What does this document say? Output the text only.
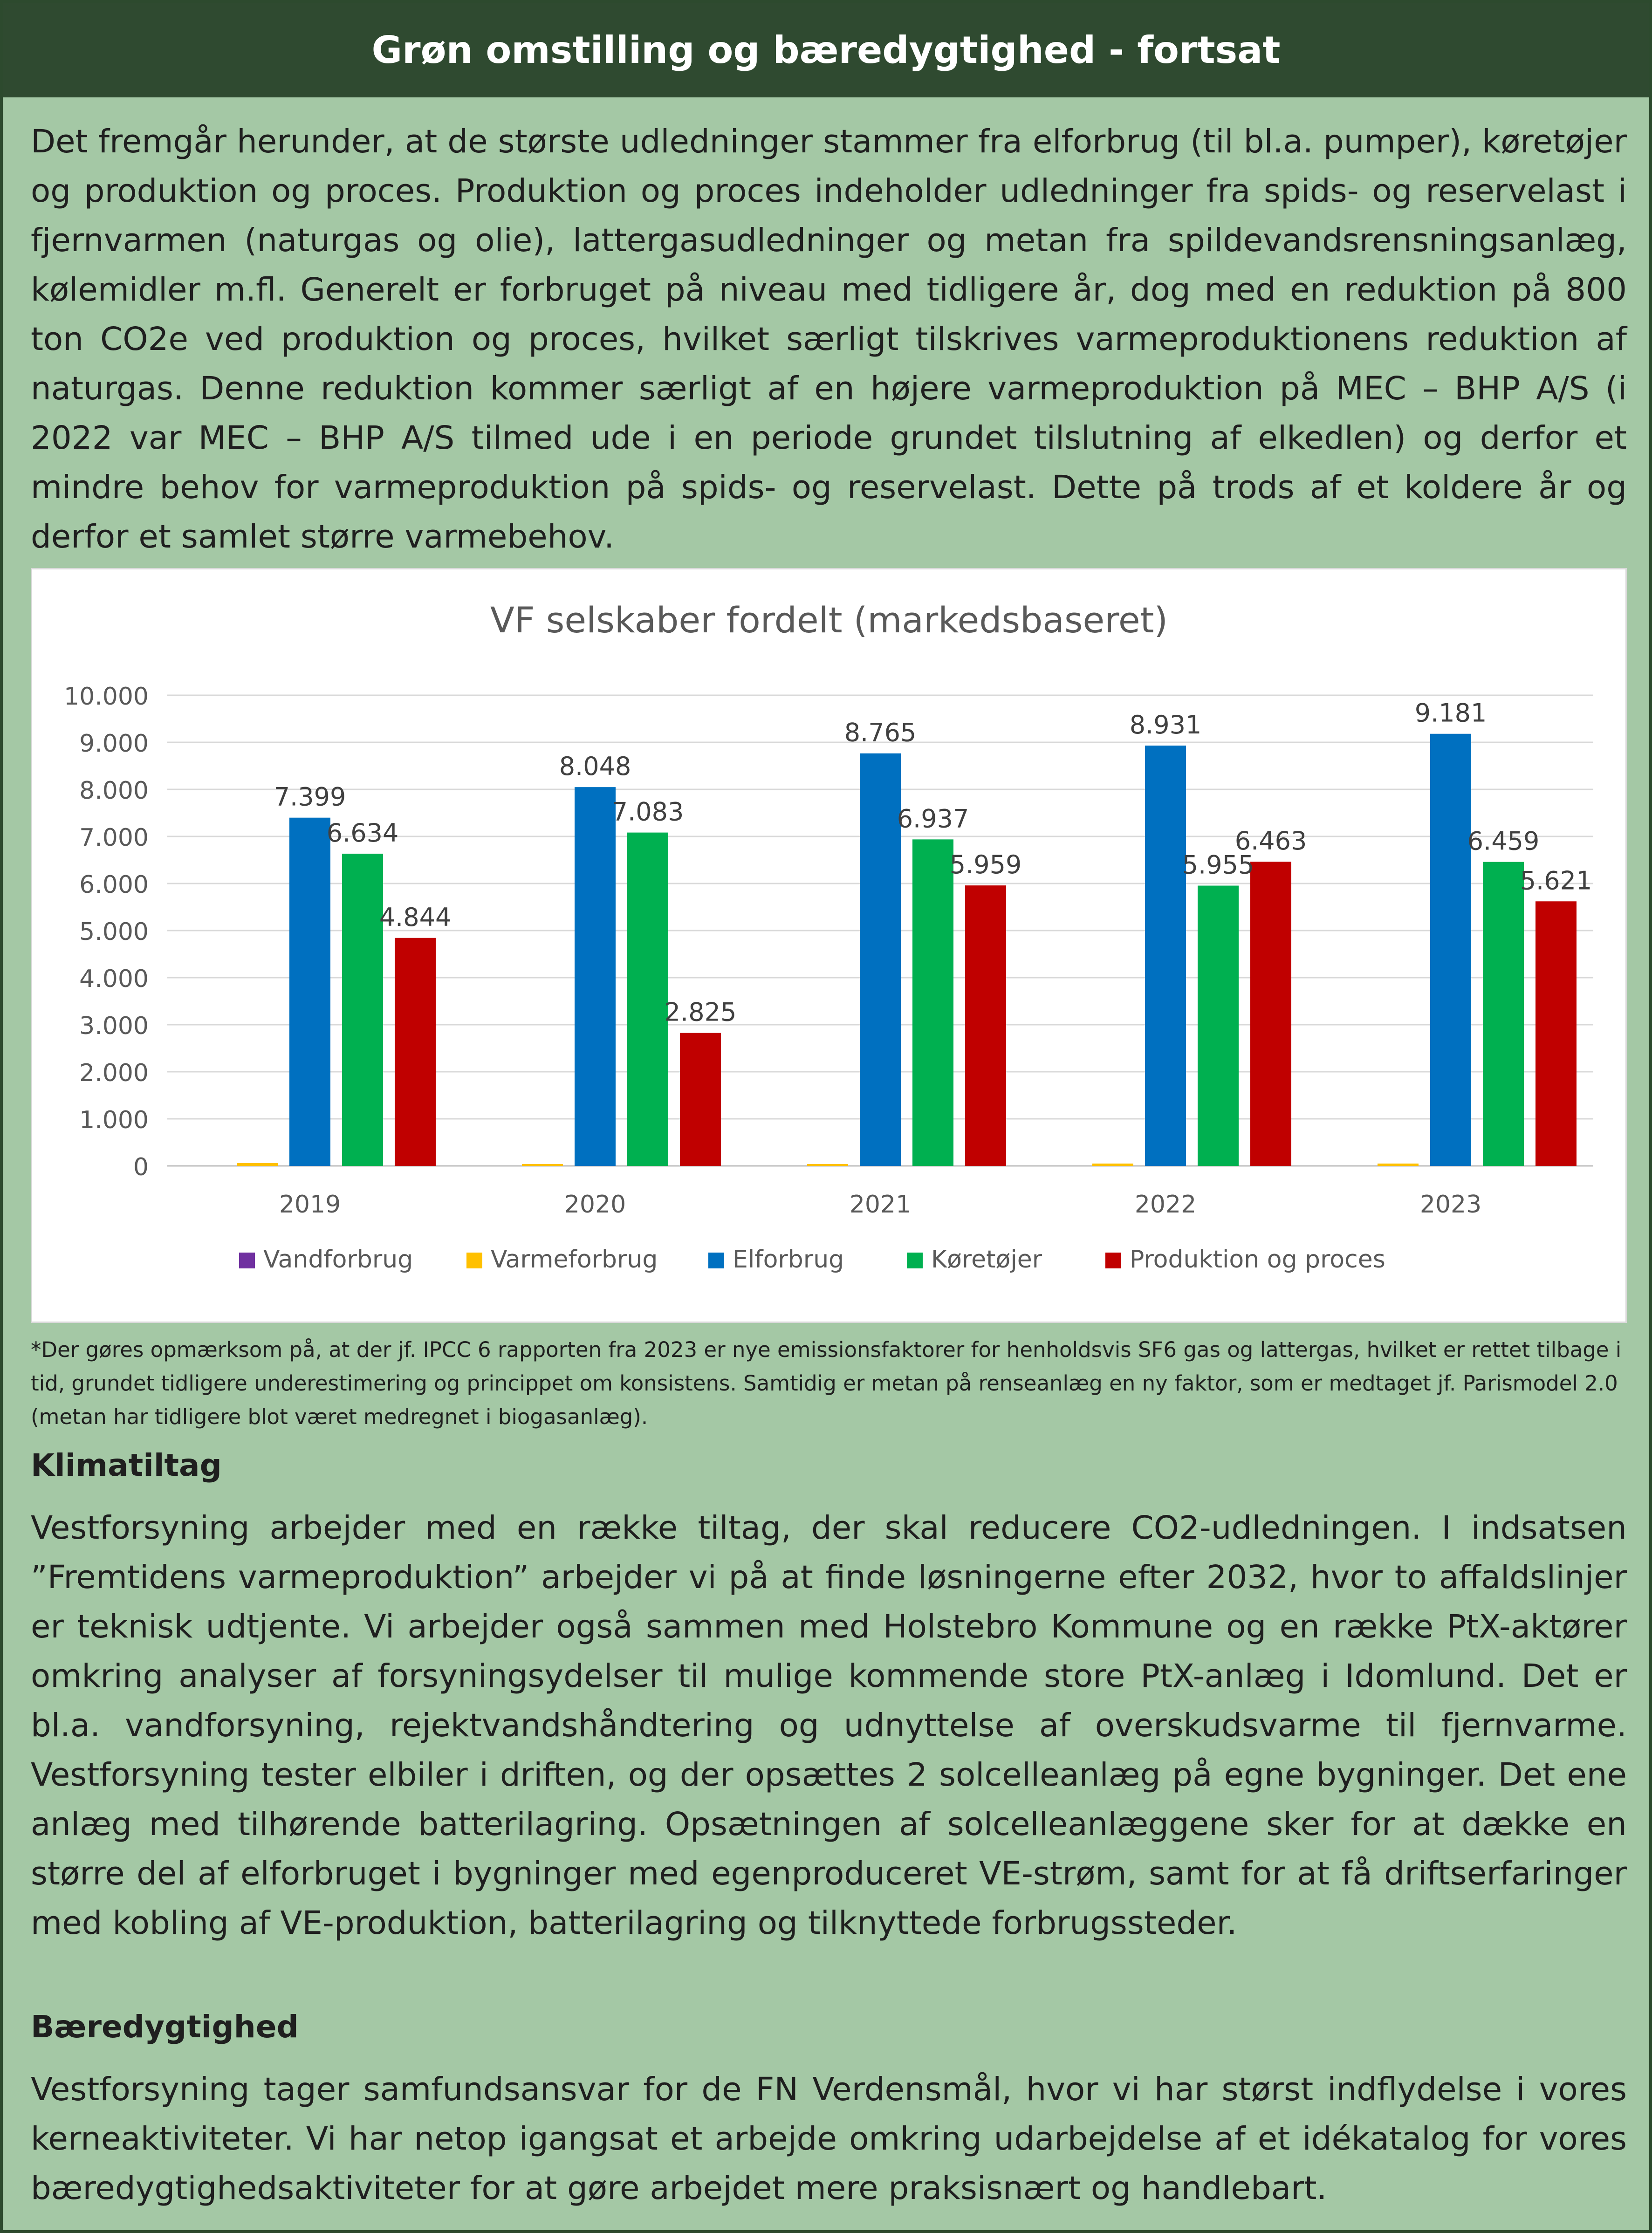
Grøn omstilling og bæredygtighed - fortsat

Det fremgår herunder, at de største udledninger stammer fra elforbrug (til bl.a. pumper), køretøjer og produktion og proces. Produktion og proces indeholder udledninger fra spids- og reservelast i fjernvarmen (naturgas og olie), lattergasudledninger og metan fra spildevandsrensningsanlæg, kølemidler m.fl. Generelt er forbruget på niveau med tidligere år, dog med en reduktion på 800 ton CO2e ved produktion og proces, hvilket særligt tilskrives varmeproduktionens reduktion af naturgas. Denne reduktion kommer særligt af en højere varmeproduktion på MEC – BHP A/S (i 2022 var MEC – BHP A/S tilmed ude i en periode grundet tilslutning af elkedlen) og derfor et mindre behov for varmeproduktion på spids- og reservelast. Dette på trods af et koldere år og derfor et samlet større varmebehov.

VF selskaber fordelt (markedsbaseret)
0
1.000
2.000
3.000
4.000
5.000
6.000
7.000
8.000
9.000
10.000
7.399
6.634
4.844
8.048
7.083
2.825
8.765
6.937
5.959
8.931
5.955
6.463
9.181
6.459
5.621
2019	2020	2021	2022	2023
Vandforbrug	Varmeforbrug	Elforbrug	Køretøjer	Produktion og proces

*Der gøres opmærksom på, at der jf. IPCC 6 rapporten fra 2023 er nye emissionsfaktorer for henholdsvis SF6 gas og lattergas, hvilket er rettet tilbage i tid, grundet tidligere underestimering og princippet om konsistens. Samtidig er metan på renseanlæg en ny faktor, som er medtaget jf. Parismodel 2.0 (metan har tidligere blot været medregnet i biogasanlæg).

Klimatiltag

Vestforsyning arbejder med en række tiltag, der skal reducere CO2-udledningen. I indsatsen ”Fremtidens varmeproduktion” arbejder vi på at finde løsningerne efter 2032, hvor to affaldslinjer er teknisk udtjente. Vi arbejder også sammen med Holstebro Kommune og en række PtX-aktører omkring analyser af forsyningsydelser til mulige kommende store PtX-anlæg i Idomlund. Det er bl.a. vandforsyning, rejektvandshåndtering og udnyttelse af overskudsvarme til fjernvarme. Vestforsyning tester elbiler i driften, og der opsættes 2 solcelleanlæg på egne bygninger. Det ene anlæg med tilhørende batterilagring. Opsætningen af solcelleanlæggene sker for at dække en større del af elforbruget i bygninger med egenproduceret VE-strøm, samt for at få driftserfaringer med kobling af VE-produktion, batterilagring og tilknyttede forbrugssteder.

Bæredygtighed

Vestforsyning tager samfundsansvar for de FN Verdensmål, hvor vi har størst indflydelse i vores kerneaktiviteter. Vi har netop igangsat et arbejde omkring udarbejdelse af et idékatalog for vores bæredygtighedsaktiviteter for at gøre arbejdet mere praksisnært og handlebart.
